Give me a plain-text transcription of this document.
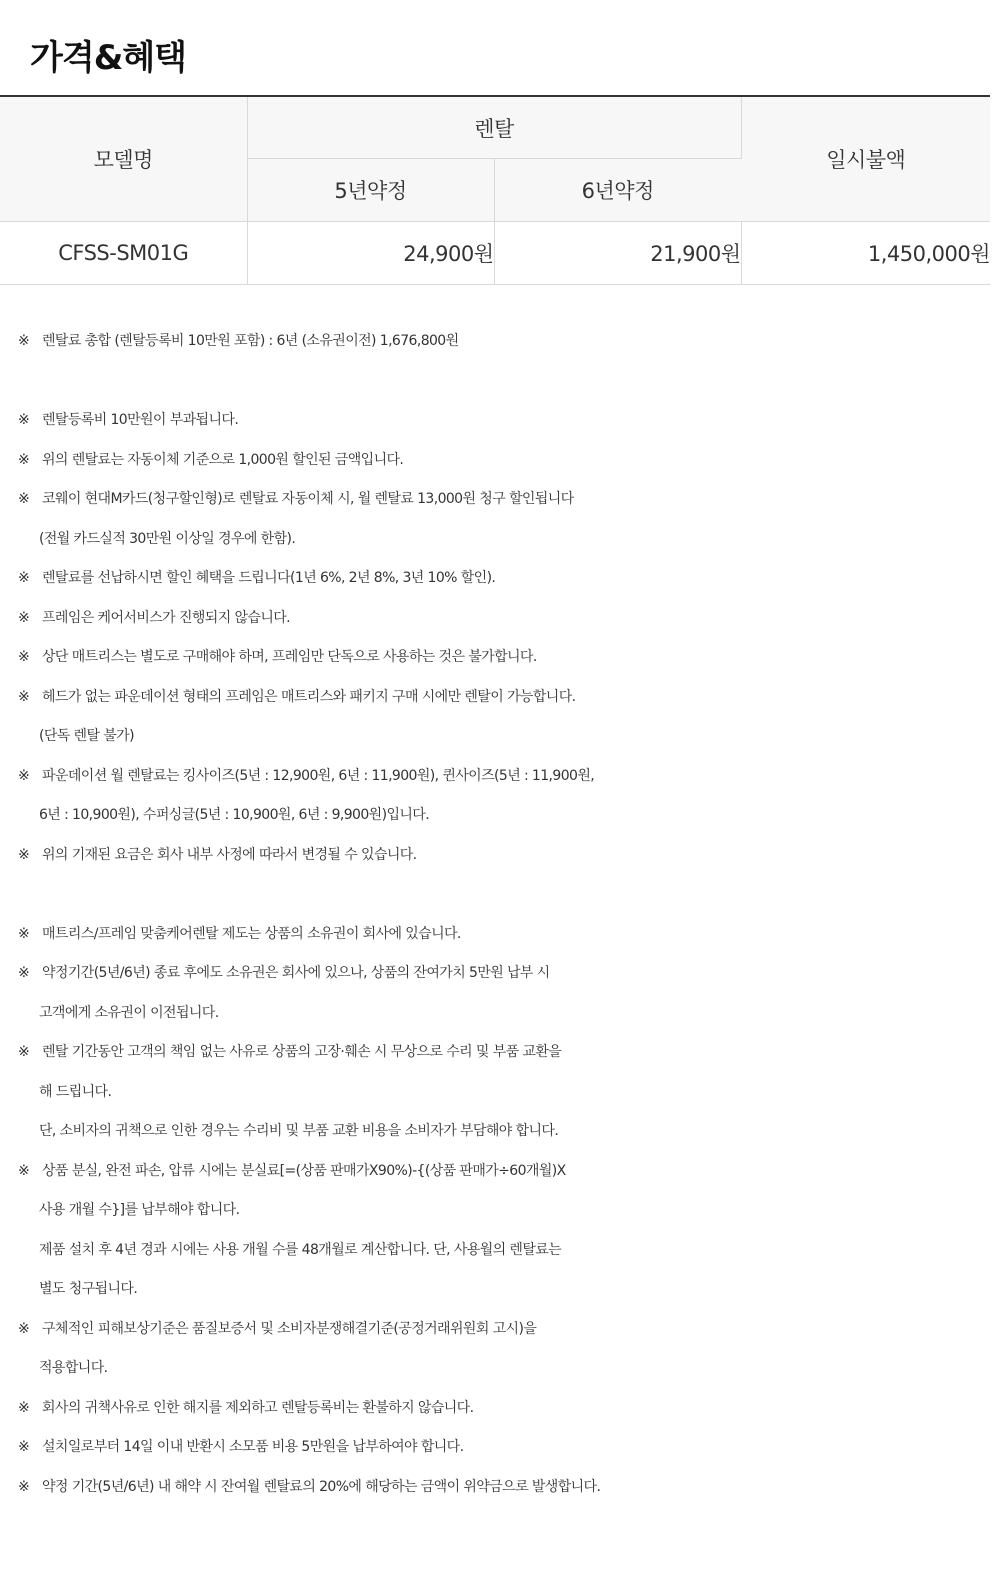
가격&혜택
모델명	렌탈		일시불액
	5년약정	6년약정	
CFSS-SM01G	24,900원	21,900원	1,450,000원
※ 렌탈료 총합 (렌탈등록비 10만원 포함) : 6년 (소유권이전) 1,676,800원
※ 렌탈등록비 10만원이 부과됩니다.
※ 위의 렌탈료는 자동이체 기준으로 1,000원 할인된 금액입니다.
※ 코웨이 현대M카드(청구할인형)로 렌탈료 자동이체 시, 월 렌탈료 13,000원 청구 할인됩니다
(전월 카드실적 30만원 이상일 경우에 한함).
※ 렌탈료를 선납하시면 할인 혜택을 드립니다(1년 6%, 2년 8%, 3년 10% 할인).
※ 프레임은 케어서비스가 진행되지 않습니다.
※ 상단 매트리스는 별도로 구매해야 하며, 프레임만 단독으로 사용하는 것은 불가합니다.
※ 헤드가 없는 파운데이션 형태의 프레임은 매트리스와 패키지 구매 시에만 렌탈이 가능합니다.
(단독 렌탈 불가)
※ 파운데이션 월 렌탈료는 킹사이즈(5년 : 12,900원, 6년 : 11,900원), 퀸사이즈(5년 : 11,900원,
6년 : 10,900원), 수퍼싱글(5년 : 10,900원, 6년 : 9,900원)입니다.
※ 위의 기재된 요금은 회사 내부 사정에 따라서 변경될 수 있습니다.
※ 매트리스/프레임 맞춤케어렌탈 제도는 상품의 소유권이 회사에 있습니다.
※ 약정기간(5년/6년) 종료 후에도 소유권은 회사에 있으나, 상품의 잔여가치 5만원 납부 시
고객에게 소유권이 이전됩니다.
※ 렌탈 기간동안 고객의 책임 없는 사유로 상품의 고장·훼손 시 무상으로 수리 및 부품 교환을
해 드립니다.
단, 소비자의 귀책으로 인한 경우는 수리비 및 부품 교환 비용을 소비자가 부담해야 합니다.
※ 상품 분실, 완전 파손, 압류 시에는 분실료[=(상품 판매가X90%)-{(상품 판매가÷60개월)X
사용 개월 수}]를 납부해야 합니다.
제품 설치 후 4년 경과 시에는 사용 개월 수를 48개월로 계산합니다. 단, 사용월의 렌탈료는
별도 청구됩니다.
※ 구체적인 피해보상기준은 품질보증서 및 소비자분쟁해결기준(공정거래위원회 고시)을
적용합니다.
※ 회사의 귀책사유로 인한 해지를 제외하고 렌탈등록비는 환불하지 않습니다.
※ 설치일로부터 14일 이내 반환시 소모품 비용 5만원을 납부하여야 합니다.
※ 약정 기간(5년/6년) 내 해약 시 잔여월 렌탈료의 20%에 해당하는 금액이 위약금으로 발생합니다.
